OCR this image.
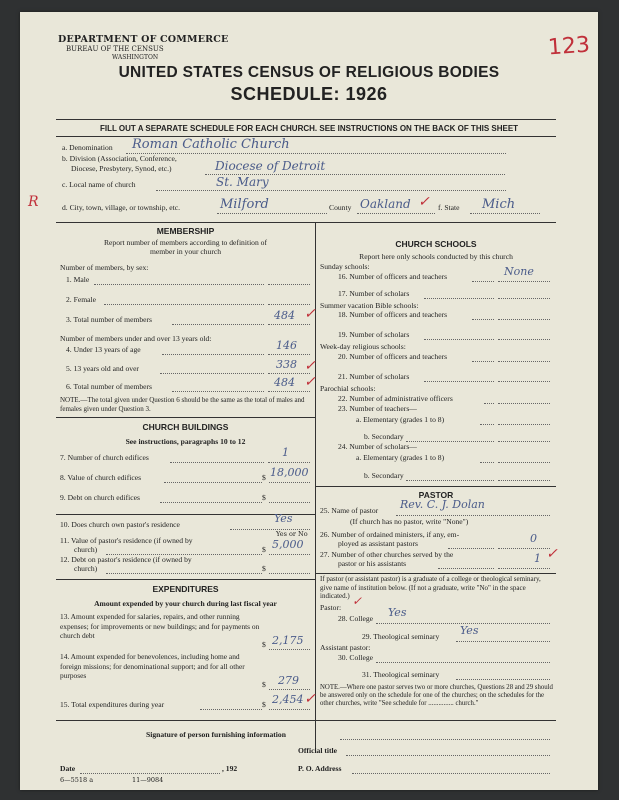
DEPARTMENT OF COMMERCE
BUREAU OF THE CENSUS
WASHINGTON	123
UNITED STATES CENSUS OF RELIGIOUS BODIES
SCHEDULE: 1926
FILL OUT A SEPARATE SCHEDULE FOR EACH CHURCH. SEE INSTRUCTIONS ON THE BACK OF THIS SHEET
a. Denomination Roman Catholic Church
b. Division (Association, Conference,
Diocese, Presbytery, Synod, etc.)	Diocese of Detroit
c. Local name of church	St. Mary
R	d. City, town, village, or township, etc.	Milford	County Oakland ✓ f. State Mich
MEMBERSHIP
Report number of members according to definition of
member in your church
Number of members, by sex:
1. Male
2. Female
3. Total number of members	484 ✓
Number of members under and over 13 years old:
4. Under 13 years of age	146
5. 13 years old and over	338 ✓
6. Total number of members	484 ✓
NOTE.—The total given under Question 6 should be the same as the total of males and females given under Question 3.
CHURCH BUILDINGS
See instructions, paragraphs 10 to 12
7. Number of church edifices	1
8. Value of church edifices	$ 18,000
9. Debt on church edifices	$
10. Does church own pastor's residence	Yes
Yes or No
11. Value of pastor's residence (if owned by
church)	$ 5,000
12. Debt on pastor's residence (if owned by
church)	$
EXPENDITURES
Amount expended by your church during last fiscal year
13. Amount expended for salaries, repairs, and other running expenses; for improvements or new buildings; and for payments on church debt
$ 2,175
14. Amount expended for benevolences, including home and foreign missions; for denominational support; and for all other purposes
$ 279
15. Total expenditures during year	$ 2,454 ✓
CHURCH SCHOOLS
Report here only schools conducted by this church
Sunday schools:
16. Number of officers and teachers	None
17. Number of scholars
Summer vacation Bible schools:
18. Number of officers and teachers
19. Number of scholars
Week-day religious schools:
20. Number of officers and teachers
21. Number of scholars
Parochial schools:
22. Number of administrative officers
23. Number of teachers—
a. Elementary (grades 1 to 8)
b. Secondary
24. Number of scholars—
a. Elementary (grades 1 to 8)
b. Secondary
PASTOR
25. Name of pastor Rev. C. J. Dolan
(If church has no pastor, write "None")
26. Number of ordained ministers, if any, em-
ployed as assistant pastors	0
27. Number of other churches served by the
pastor or his assistants	1 ✓
If pastor (or assistant pastor) is a graduate of a college or theological seminary, give name of institution below. (If not a graduate, write "No" in the space indicated.)
Pastor: ✓
28. College Yes
29. Theological seminary Yes
Assistant pastor:
30. College
31. Theological seminary
NOTE.—Where one pastor serves two or more churches, Questions 28 and 29 should be answered only on the schedule for one of the churches; on the schedules for the other churches, write "See schedule for ............... church."
Signature of person furnishing information
Official title
Date	, 192	P. O. Address
6—5518 a	11—9084
